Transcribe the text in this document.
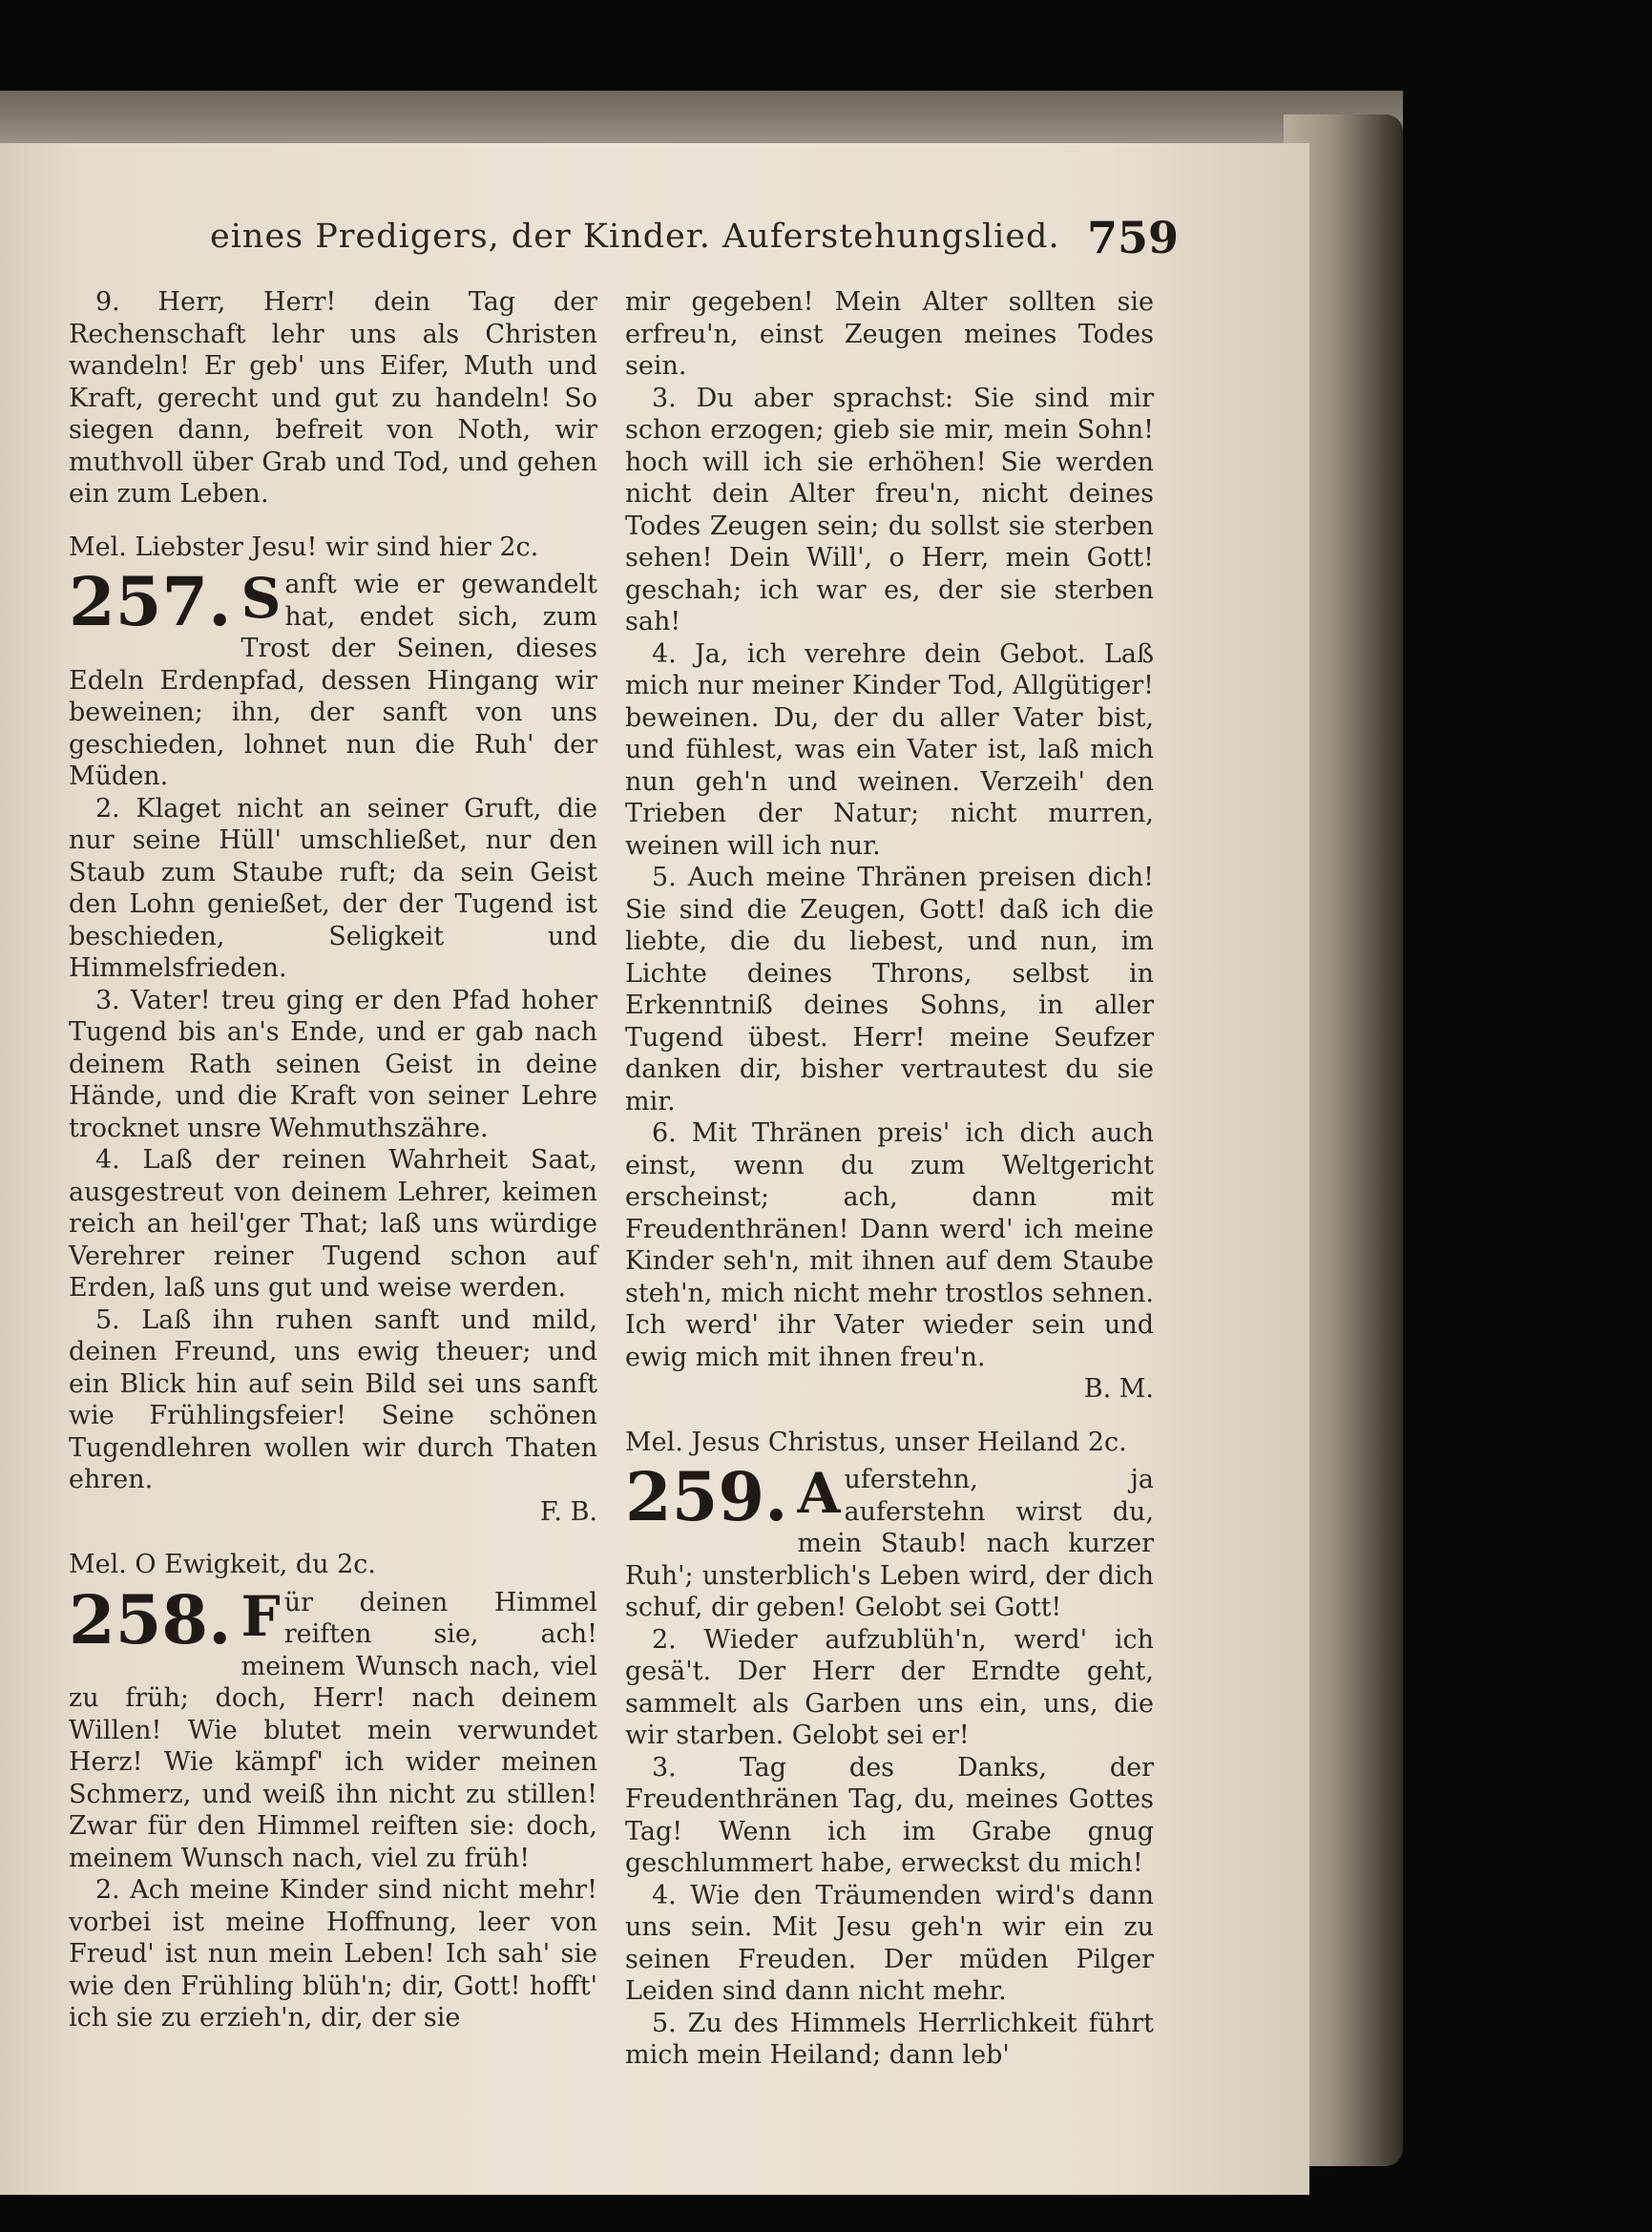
eines Predigers, der Kinder. Auferstehungslied. 759

9. Herr, Herr! dein Tag der Rechenschaft lehr uns als Christen wandeln! Er geb' uns Eifer, Muth und Kraft, gerecht und gut zu handeln! So siegen dann, befreit von Noth, wir muthvoll über Grab und Tod, und gehen ein zum Leben.

Mel. Liebster Jesu! wir sind hier 2c.

257. S anft wie er gewandelt hat, endet sich, zum Trost der Seinen, dieses Edeln Erdenpfad, dessen Hingang wir beweinen; ihn, der sanft von uns geschieden, lohnet nun die Ruh' der Müden.

2. Klaget nicht an seiner Gruft, die nur seine Hüll' umschließet, nur den Staub zum Staube ruft; da sein Geist den Lohn genießet, der der Tugend ist beschieden, Seligkeit und Himmelsfrieden.

3. Vater! treu ging er den Pfad hoher Tugend bis an's Ende, und er gab nach deinem Rath seinen Geist in deine Hände, und die Kraft von seiner Lehre trocknet unsre Wehmuthszähre.

4. Laß der reinen Wahrheit Saat, ausgestreut von deinem Lehrer, keimen reich an heil'ger That; laß uns würdige Verehrer reiner Tugend schon auf Erden, laß uns gut und weise werden.

5. Laß ihn ruhen sanft und mild, deinen Freund, uns ewig theuer; und ein Blick hin auf sein Bild sei uns sanft wie Frühlingsfeier! Seine schönen Tugendlehren wollen wir durch Thaten ehren.

F. B.
Mel. O Ewigkeit, du 2c.

258. F ür deinen Himmel reiften sie, ach! meinem Wunsch nach, viel zu früh; doch, Herr! nach deinem Willen! Wie blutet mein verwundet Herz! Wie kämpf' ich wider meinen Schmerz, und weiß ihn nicht zu stillen! Zwar für den Himmel reiften sie: doch, meinem Wunsch nach, viel zu früh!

2. Ach meine Kinder sind nicht mehr! vorbei ist meine Hoffnung, leer von Freud' ist nun mein Leben! Ich sah' sie wie den Frühling blüh'n; dir, Gott! hofft' ich sie zu erzieh'n, dir, der sie

mir gegeben! Mein Alter sollten sie erfreu'n, einst Zeugen meines Todes sein.

3. Du aber sprachst: Sie sind mir schon erzogen; gieb sie mir, mein Sohn! hoch will ich sie erhöhen! Sie werden nicht dein Alter freu'n, nicht deines Todes Zeugen sein; du sollst sie sterben sehen! Dein Will', o Herr, mein Gott! geschah; ich war es, der sie sterben sah!

4. Ja, ich verehre dein Gebot. Laß mich nur meiner Kinder Tod, Allgütiger! beweinen. Du, der du aller Vater bist, und fühlest, was ein Vater ist, laß mich nun geh'n und weinen. Verzeih' den Trieben der Natur; nicht murren, weinen will ich nur.

5. Auch meine Thränen preisen dich! Sie sind die Zeugen, Gott! daß ich die liebte, die du liebest, und nun, im Lichte deines Throns, selbst in Erkenntniß deines Sohns, in aller Tugend übest. Herr! meine Seufzer danken dir, bisher vertrautest du sie mir.

6. Mit Thränen preis' ich dich auch einst, wenn du zum Weltgericht erscheinst; ach, dann mit Freudenthränen! Dann werd' ich meine Kinder seh'n, mit ihnen auf dem Staube steh'n, mich nicht mehr trostlos sehnen. Ich werd' ihr Vater wieder sein und ewig mich mit ihnen freu'n.

B. M.
Mel. Jesus Christus, unser Heiland 2c.

259. A uferstehn, ja auferstehn wirst du, mein Staub! nach kurzer Ruh'; unsterblich's Leben wird, der dich schuf, dir geben! Gelobt sei Gott!

2. Wieder aufzublüh'n, werd' ich gesä't. Der Herr der Erndte geht, sammelt als Garben uns ein, uns, die wir starben. Gelobt sei er!

3. Tag des Danks, der Freudenthränen Tag, du, meines Gottes Tag! Wenn ich im Grabe gnug geschlummert habe, erweckst du mich!

4. Wie den Träumenden wird's dann uns sein. Mit Jesu geh'n wir ein zu seinen Freuden. Der müden Pilger Leiden sind dann nicht mehr.

5. Zu des Himmels Herrlichkeit führt mich mein Heiland; dann leb'
